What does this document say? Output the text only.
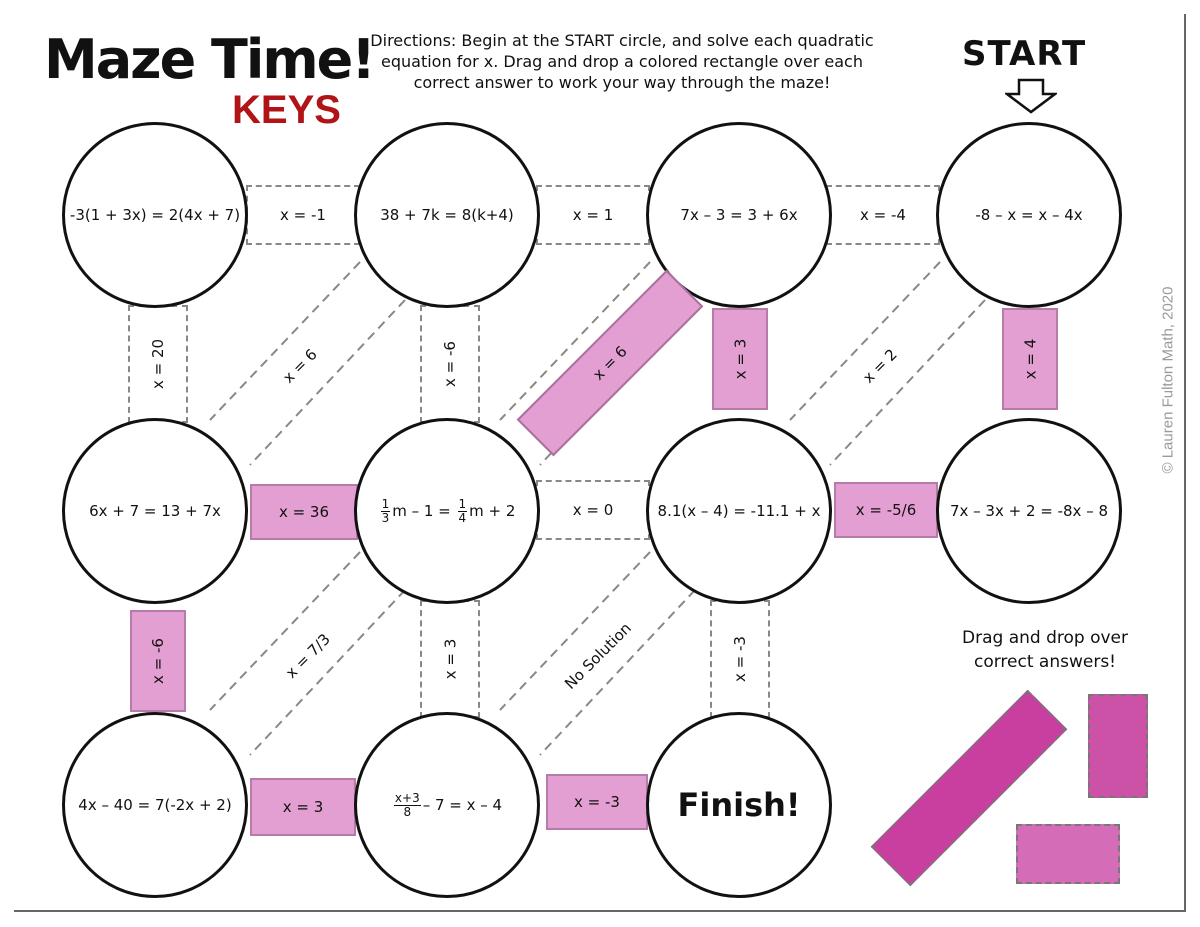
Maze Time!
KEYS
Directions: Begin at the START circle, and solve each quadratic equation for x. Drag and drop a colored rectangle over each correct answer to work your way through the maze!
START
© Lauren Fulton Math, 2020
x = -1	x = 1	x = -4
x = 36	x = 0	x = -5/6
x = 3	x = -3
x = 20	x = -6	x = 3	x = 4
x = -6	x = 3	x = -3
x = 6	x = 2
x = 7/3	No Solution
x = 6
-3(1 + 3x) = 2(4x + 7)	38 + 7k = 8(k+4)	7x – 3 = 3 + 6x	-8 – x = x – 4x
6x + 7 = 13 + 7x	$\frac{1}{3}$ $m - 1 = \frac{1}{4}$ m + 2	8.1(x – 4) = -11.1 + x	7x – 3x + 2 = -8x – 8
4x – 40 = 7(-2x + 2)	$\frac{x+3}{8} - 7 = x - 4$	Finish!
Drag and drop over
correct answers!
